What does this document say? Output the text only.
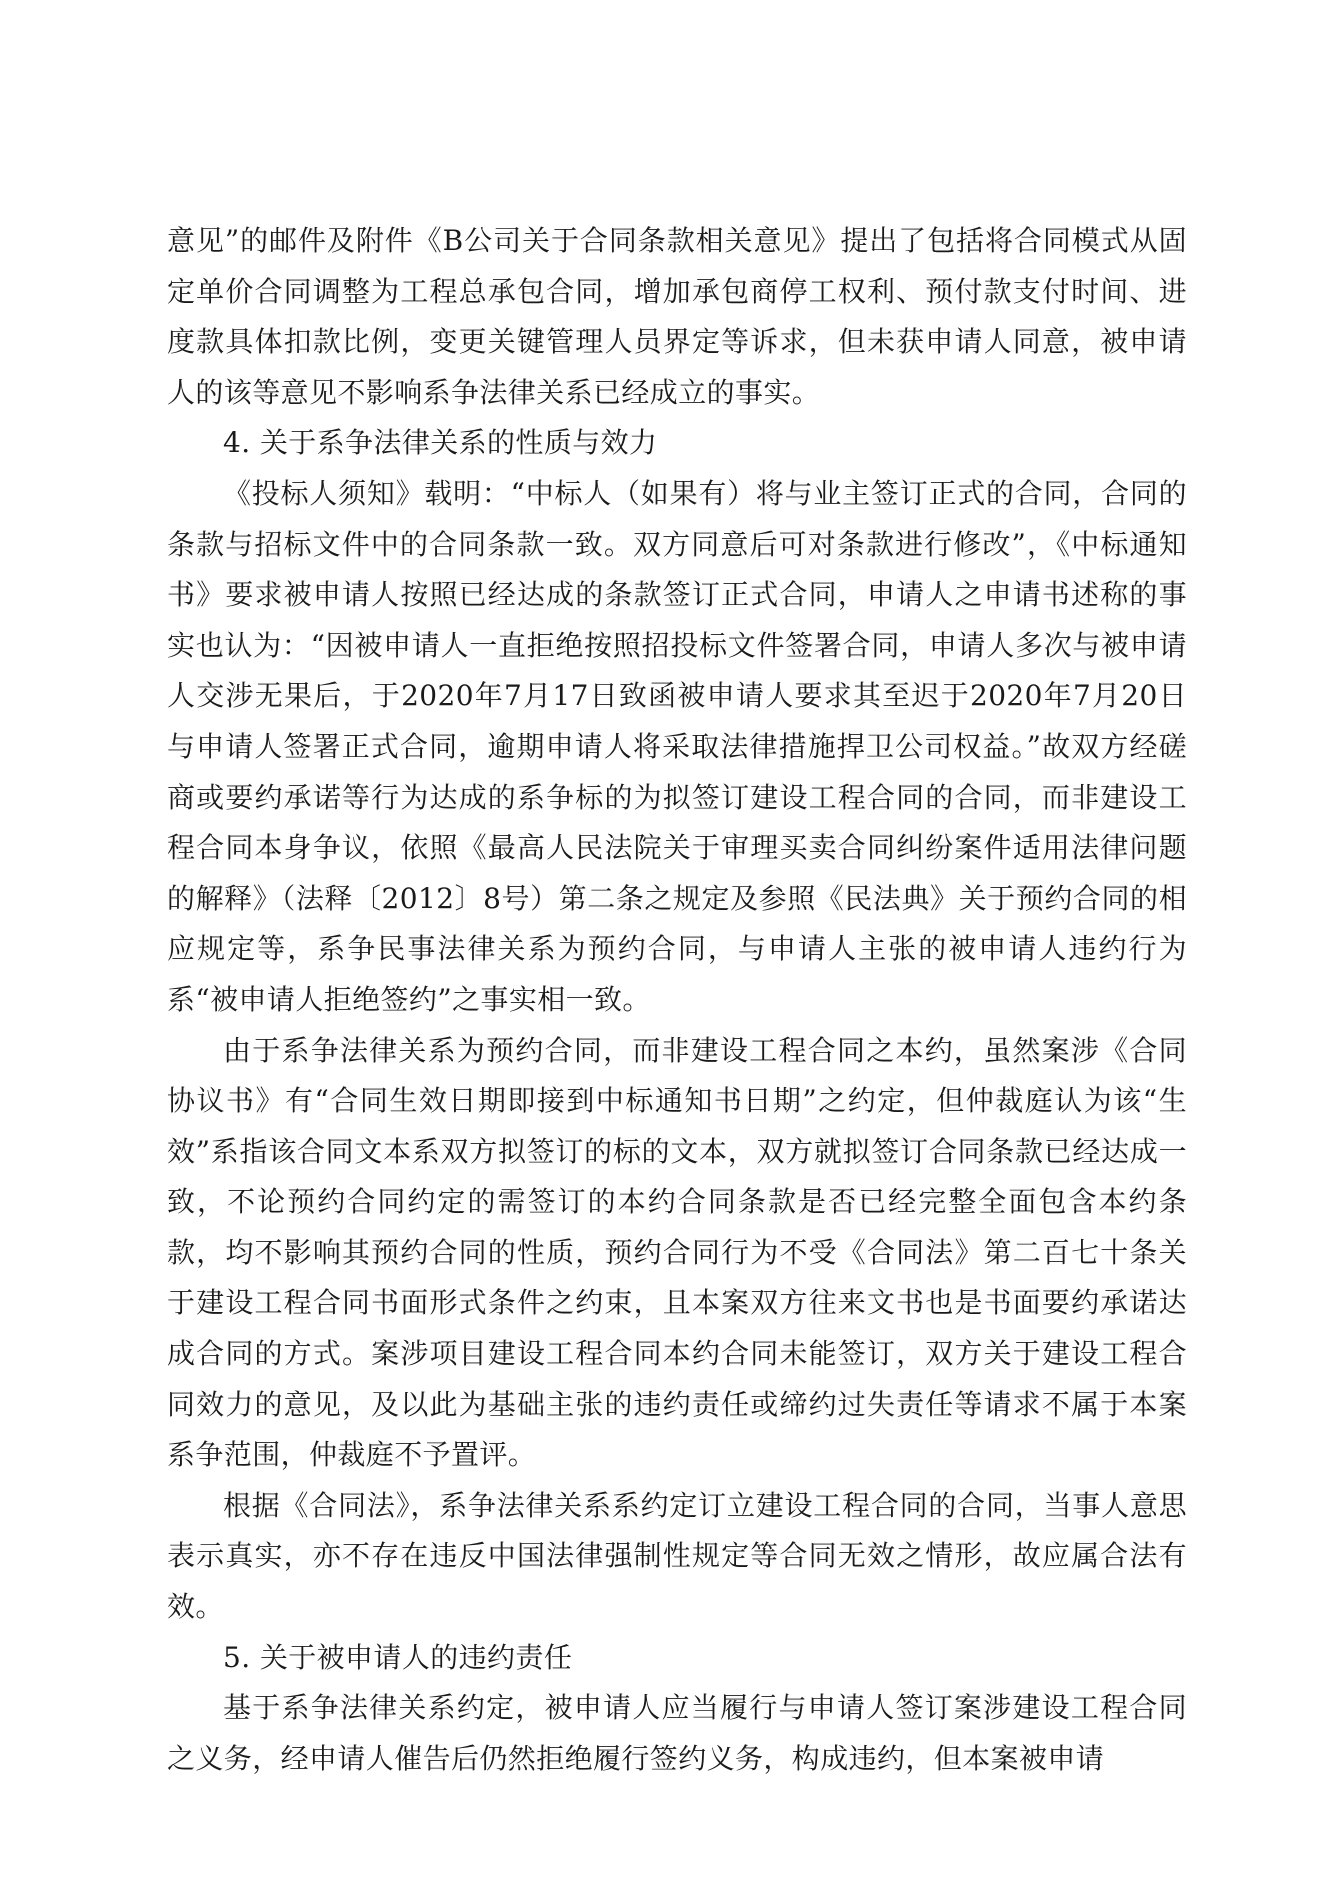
意见”的邮件及附件《B公司关于合同条款相关意见》提出了包括将合同模式从固定单价合同调整为工程总承包合同，增加承包商停工权利、预付款支付时间、进度款具体扣款比例，变更关键管理人员界定等诉求，但未获申请人同意，被申请人的该等意见不影响系争法律关系已经成立的事实。

4. 关于系争法律关系的性质与效力

《投标人须知》载明：“中标人（如果有）将与业主签订正式的合同，合同的条款与招标文件中的合同条款一致。双方同意后可对条款进行修改”，《中标通知书》要求被申请人按照已经达成的条款签订正式合同，申请人之申请书述称的事实也认为：“因被申请人一直拒绝按照招投标文件签署合同，申请人多次与被申请人交涉无果后，于2020年7月17日致函被申请人要求其至迟于2020年7月20日与申请人签署正式合同，逾期申请人将采取法律措施捍卫公司权益。”故双方经磋商或要约承诺等行为达成的系争标的为拟签订建设工程合同的合同，而非建设工程合同本身争议，依照《最高人民法院关于审理买卖合同纠纷案件适用法律问题的解释》（法释〔2012〕8号）第二条之规定及参照《民法典》关于预约合同的相应规定等，系争民事法律关系为预约合同，与申请人主张的被申请人违约行为系“被申请人拒绝签约”之事实相一致。

由于系争法律关系为预约合同，而非建设工程合同之本约，虽然案涉《合同协议书》有“合同生效日期即接到中标通知书日期”之约定，但仲裁庭认为该“生效”系指该合同文本系双方拟签订的标的文本，双方就拟签订合同条款已经达成一致，不论预约合同约定的需签订的本约合同条款是否已经完整全面包含本约条款，均不影响其预约合同的性质，预约合同行为不受《合同法》第二百七十条关于建设工程合同书面形式条件之约束，且本案双方往来文书也是书面要约承诺达成合同的方式。案涉项目建设工程合同本约合同未能签订，双方关于建设工程合同效力的意见，及以此为基础主张的违约责任或缔约过失责任等请求不属于本案系争范围，仲裁庭不予置评。

根据《合同法》，系争法律关系系约定订立建设工程合同的合同，当事人意思表示真实，亦不存在违反中国法律强制性规定等合同无效之情形，故应属合法有效。

5. 关于被申请人的违约责任

基于系争法律关系约定，被申请人应当履行与申请人签订案涉建设工程合同之义务，经申请人催告后仍然拒绝履行签约义务，构成违约，但本案被申请
